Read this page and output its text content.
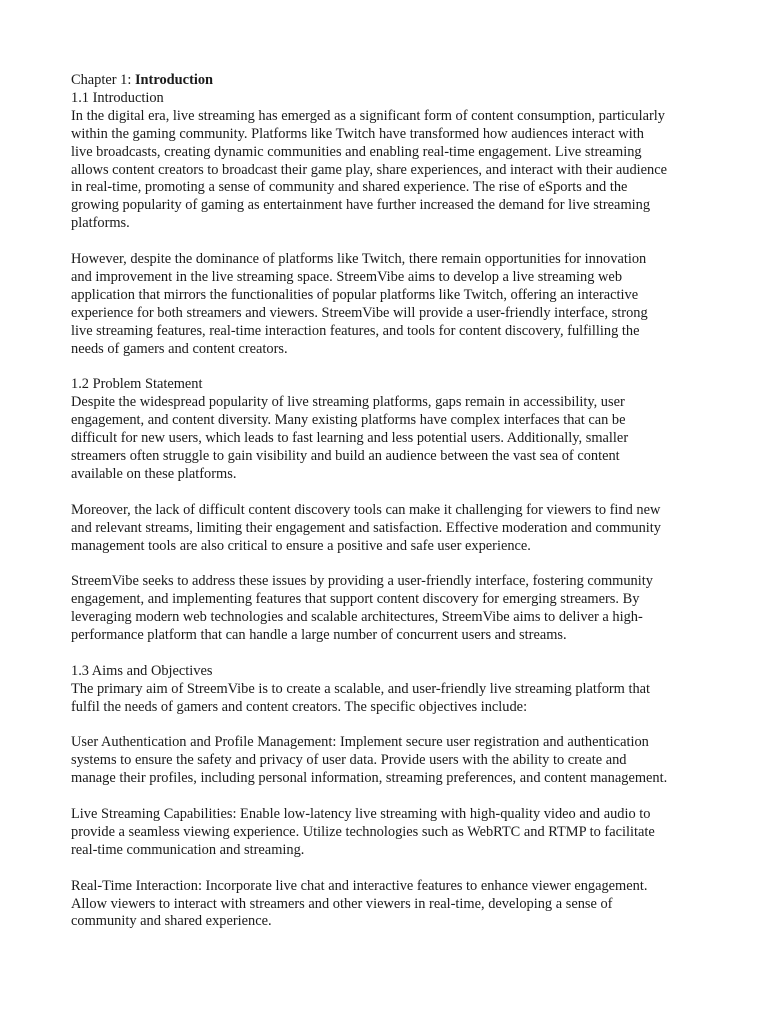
Chapter 1: Introduction
1.1 Introduction
In the digital era, live streaming has emerged as a significant form of content consumption, particularly
within the gaming community. Platforms like Twitch have transformed how audiences interact with
live broadcasts, creating dynamic communities and enabling real-time engagement. Live streaming
allows content creators to broadcast their game play, share experiences, and interact with their audience
in real-time, promoting a sense of community and shared experience. The rise of eSports and the
growing popularity of gaming as entertainment have further increased the demand for live streaming
platforms.
However, despite the dominance of platforms like Twitch, there remain opportunities for innovation
and improvement in the live streaming space. StreemVibe aims to develop a live streaming web
application that mirrors the functionalities of popular platforms like Twitch, offering an interactive
experience for both streamers and viewers. StreemVibe will provide a user-friendly interface, strong
live streaming features, real-time interaction features, and tools for content discovery, fulfilling the
needs of gamers and content creators.
1.2 Problem Statement
Despite the widespread popularity of live streaming platforms, gaps remain in accessibility, user
engagement, and content diversity. Many existing platforms have complex interfaces that can be
difficult for new users, which leads to fast learning and less potential users. Additionally, smaller
streamers often struggle to gain visibility and build an audience between the vast sea of content
available on these platforms.
Moreover, the lack of difficult content discovery tools can make it challenging for viewers to find new
and relevant streams, limiting their engagement and satisfaction. Effective moderation and community
management tools are also critical to ensure a positive and safe user experience.
StreemVibe seeks to address these issues by providing a user-friendly interface, fostering community
engagement, and implementing features that support content discovery for emerging streamers. By
leveraging modern web technologies and scalable architectures, StreemVibe aims to deliver a high-
performance platform that can handle a large number of concurrent users and streams.
1.3 Aims and Objectives
The primary aim of StreemVibe is to create a scalable, and user-friendly live streaming platform that
fulfil the needs of gamers and content creators. The specific objectives include:
User Authentication and Profile Management: Implement secure user registration and authentication
systems to ensure the safety and privacy of user data. Provide users with the ability to create and
manage their profiles, including personal information, streaming preferences, and content management.
Live Streaming Capabilities: Enable low-latency live streaming with high-quality video and audio to
provide a seamless viewing experience. Utilize technologies such as WebRTC and RTMP to facilitate
real-time communication and streaming.
Real-Time Interaction: Incorporate live chat and interactive features to enhance viewer engagement.
Allow viewers to interact with streamers and other viewers in real-time, developing a sense of
community and shared experience.
